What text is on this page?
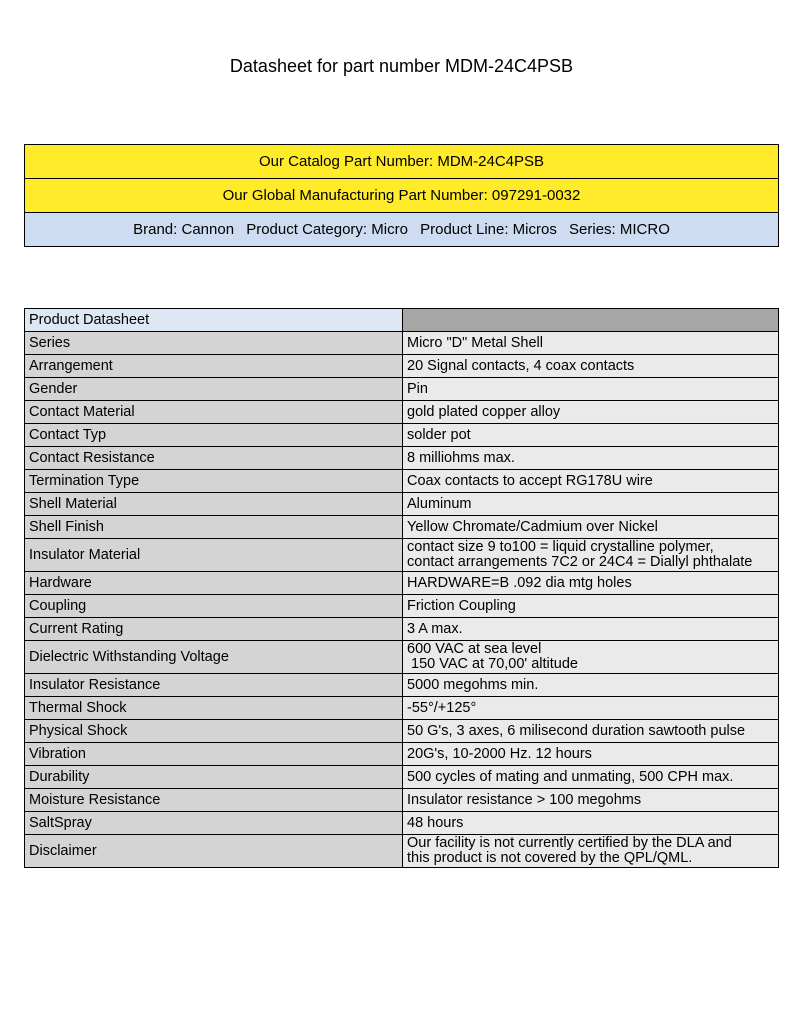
Datasheet for part number MDM-24C4PSB
Our Catalog Part Number: MDM-24C4PSB
Our Global Manufacturing Part Number: 097291-0032
Brand: Cannon Product Category: Micro Product Line: Micros Series: MICRO
Product Datasheet	
Series	Micro "D" Metal Shell

Arrangement	20 Signal contacts, 4 coax contacts

Gender	Pin

Contact Material	gold plated copper alloy

Contact Typ	solder pot

Contact Resistance	8 milliohms max.

Termination Type	Coax contacts to accept RG178U wire

Shell Material	Aluminum

Shell Finish	Yellow Chromate/Cadmium over Nickel

Insulator Material	contact size 9 to100 = liquid crystalline polymer,
contact arrangements 7C2 or 24C4 = Diallyl phthalate

Hardware	HARDWARE=B .092 dia mtg holes

Coupling	Friction Coupling

Current Rating	3 A max.

Dielectric Withstanding Voltage	600 VAC at sea level
150 VAC at 70,00' altitude

Insulator Resistance	5000 megohms min.

Thermal Shock	-55°/+125°

Physical Shock	50 G's, 3 axes, 6 milisecond duration sawtooth pulse

Vibration	20G's, 10-2000 Hz. 12 hours

Durability	500 cycles of mating and unmating, 500 CPH max.

Moisture Resistance	Insulator resistance > 100 megohms

SaltSpray	48 hours

Disclaimer	Our facility is not currently certified by the DLA and
this product is not covered by the QPL/QML.
